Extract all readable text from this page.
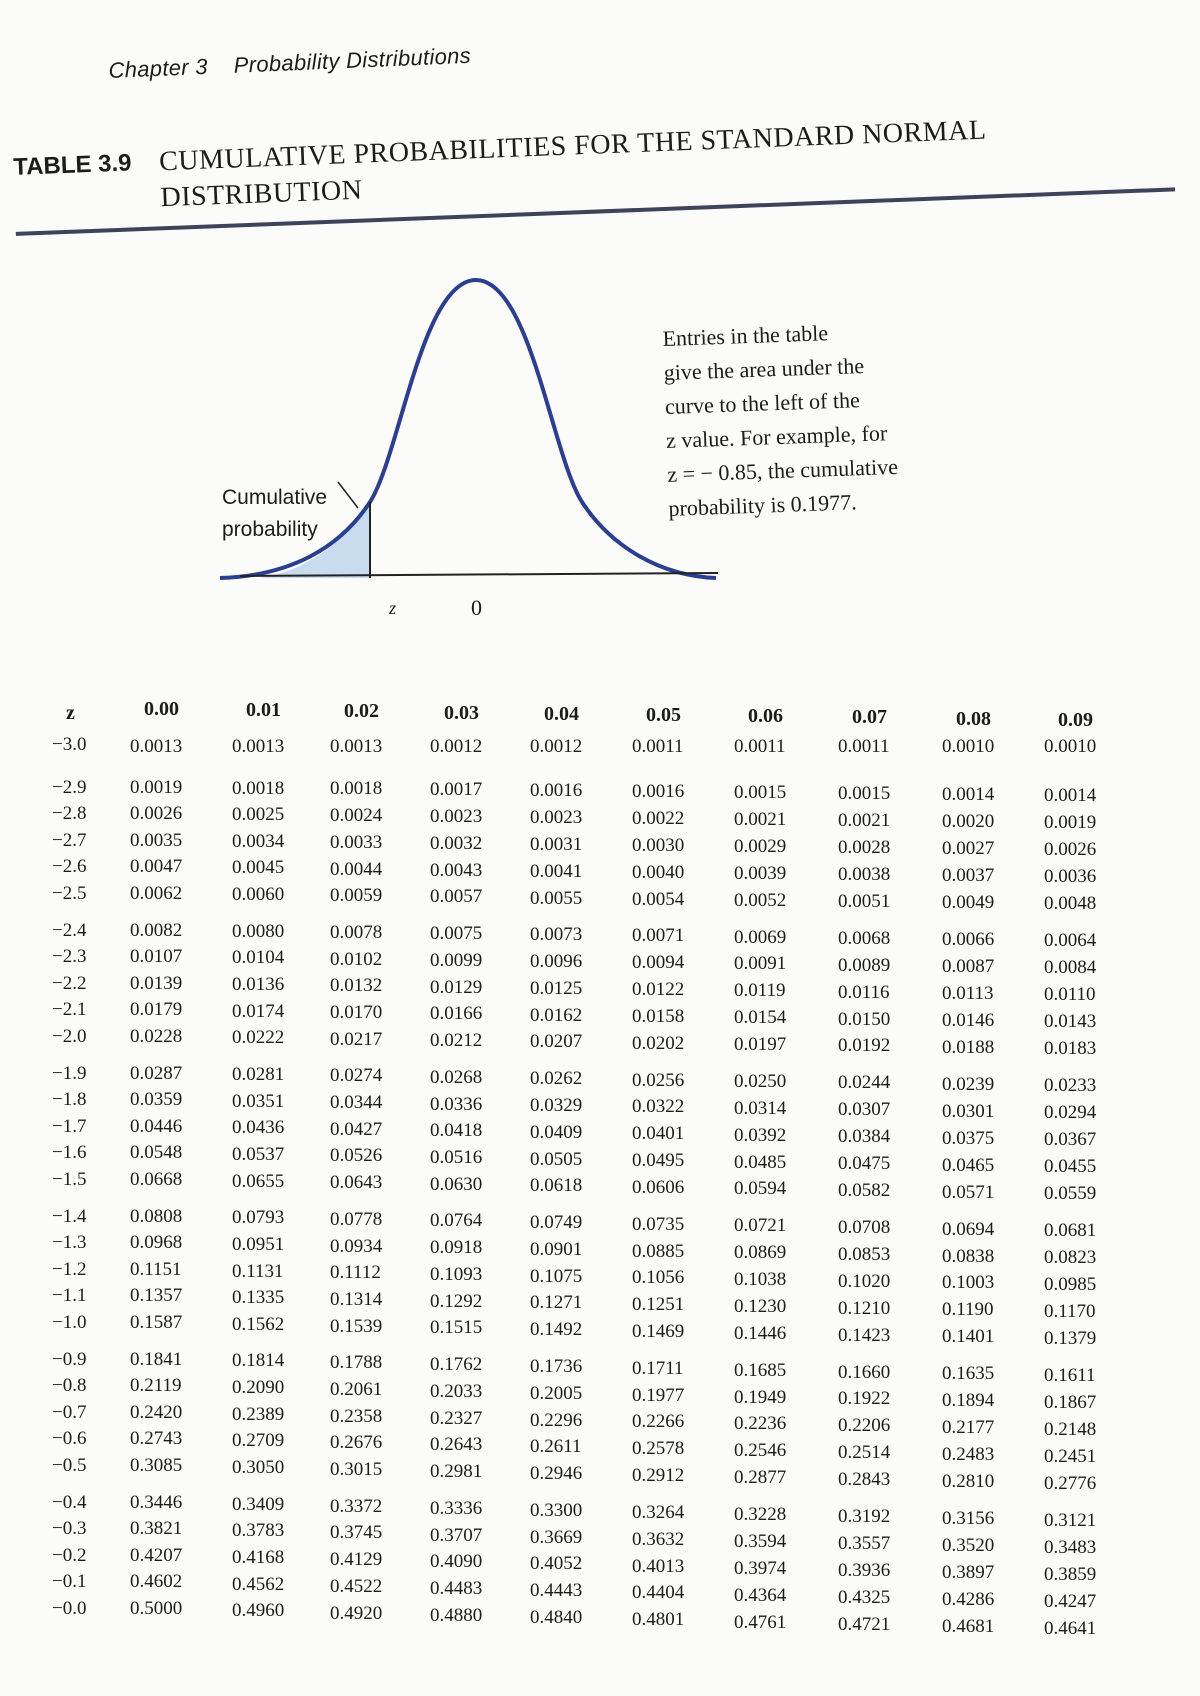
Chapter 3 Probability Distributions
TABLE 3.9 CUMULATIVE PROBABILITIES FOR THE STANDARD NORMAL
DISTRIBUTION
Cumulative
probability
z	0
Entries in the table
give the area under the
curve to the left of the
z value. For example, for
z = − 0.85, the cumulative
probability is 0.1977.
z	0.00	0.01	0.02	0.03	0.04	0.05	0.06	0.07	0.08	0.09
−3.0 0.0013	0.0013 0.0013	0.0012	0.0012	0.0011	0.0011	0.0011	0.0010	0.0010
−2.9 0.0019	0.0018 0.0018	0.0017	0.0016	0.0016	0.0015	0.0015	0.0014	0.0014
−2.8 0.0026	0.0025 0.0024	0.0023	0.0023	0.0022	0.0021	0.0021	0.0020	0.0019
−2.7 0.0035	0.0034 0.0033	0.0032	0.0031	0.0030	0.0029	0.0028	0.0027	0.0026
−2.6 0.0047	0.0045 0.0044	0.0043	0.0041	0.0040	0.0039	0.0038	0.0037	0.0036
−2.5 0.0062	0.0060 0.0059	0.0057	0.0055	0.0054	0.0052	0.0051	0.0049	0.0048
−2.4 0.0082	0.0080 0.0078	0.0075	0.0073	0.0071	0.0069	0.0068	0.0066	0.0064
−2.3 0.0107	0.0104 0.0102	0.0099	0.0096	0.0094	0.0091	0.0089	0.0087	0.0084
−2.2 0.0139	0.0136 0.0132	0.0129	0.0125	0.0122	0.0119	0.0116	0.0113	0.0110
−2.1 0.0179	0.0174 0.0170	0.0166	0.0162	0.0158	0.0154	0.0150	0.0146	0.0143
−2.0 0.0228	0.0222 0.0217	0.0212	0.0207	0.0202	0.0197	0.0192	0.0188	0.0183
−1.9 0.0287	0.0281 0.0274	0.0268	0.0262	0.0256	0.0250	0.0244	0.0239	0.0233
−1.8 0.0359	0.0351 0.0344	0.0336	0.0329	0.0322	0.0314	0.0307	0.0301	0.0294
−1.7 0.0446	0.0436 0.0427	0.0418	0.0409	0.0401	0.0392	0.0384	0.0375	0.0367
−1.6 0.0548	0.0537 0.0526	0.0516	0.0505	0.0495	0.0485	0.0475	0.0465	0.0455
−1.5 0.0668	0.0655 0.0643	0.0630	0.0618	0.0606	0.0594	0.0582	0.0571	0.0559
−1.4 0.0808	0.0793 0.0778	0.0764	0.0749	0.0735	0.0721	0.0708	0.0694	0.0681
−1.3 0.0968	0.0951 0.0934	0.0918	0.0901	0.0885	0.0869	0.0853	0.0838	0.0823
−1.2 0.1151	0.1131 0.1112	0.1093	0.1075	0.1056	0.1038	0.1020	0.1003	0.0985
−1.1 0.1357	0.1335 0.1314	0.1292	0.1271	0.1251	0.1230	0.1210	0.1190	0.1170
−1.0 0.1587	0.1562 0.1539	0.1515	0.1492	0.1469	0.1446	0.1423	0.1401	0.1379
−0.9 0.1841	0.1814 0.1788	0.1762	0.1736	0.1711	0.1685	0.1660	0.1635	0.1611
−0.8 0.2119	0.2090 0.2061	0.2033	0.2005	0.1977	0.1949	0.1922	0.1894	0.1867
−0.7 0.2420	0.2389 0.2358	0.2327	0.2296	0.2266	0.2236	0.2206	0.2177	0.2148
−0.6 0.2743	0.2709 0.2676	0.2643	0.2611	0.2578	0.2546	0.2514	0.2483	0.2451
−0.5 0.3085	0.3050 0.3015	0.2981	0.2946	0.2912	0.2877	0.2843	0.2810	0.2776
−0.4 0.3446	0.3409 0.3372	0.3336	0.3300	0.3264	0.3228	0.3192	0.3156	0.3121
−0.3 0.3821	0.3783 0.3745	0.3707	0.3669	0.3632	0.3594	0.3557	0.3520	0.3483
−0.2 0.4207	0.4168 0.4129	0.4090	0.4052	0.4013	0.3974	0.3936	0.3897	0.3859
−0.1 0.4602	0.4562 0.4522	0.4483	0.4443	0.4404	0.4364	0.4325	0.4286	0.4247
−0.0 0.5000	0.4960 0.4920	0.4880	0.4840	0.4801	0.4761	0.4721	0.4681	0.4641
